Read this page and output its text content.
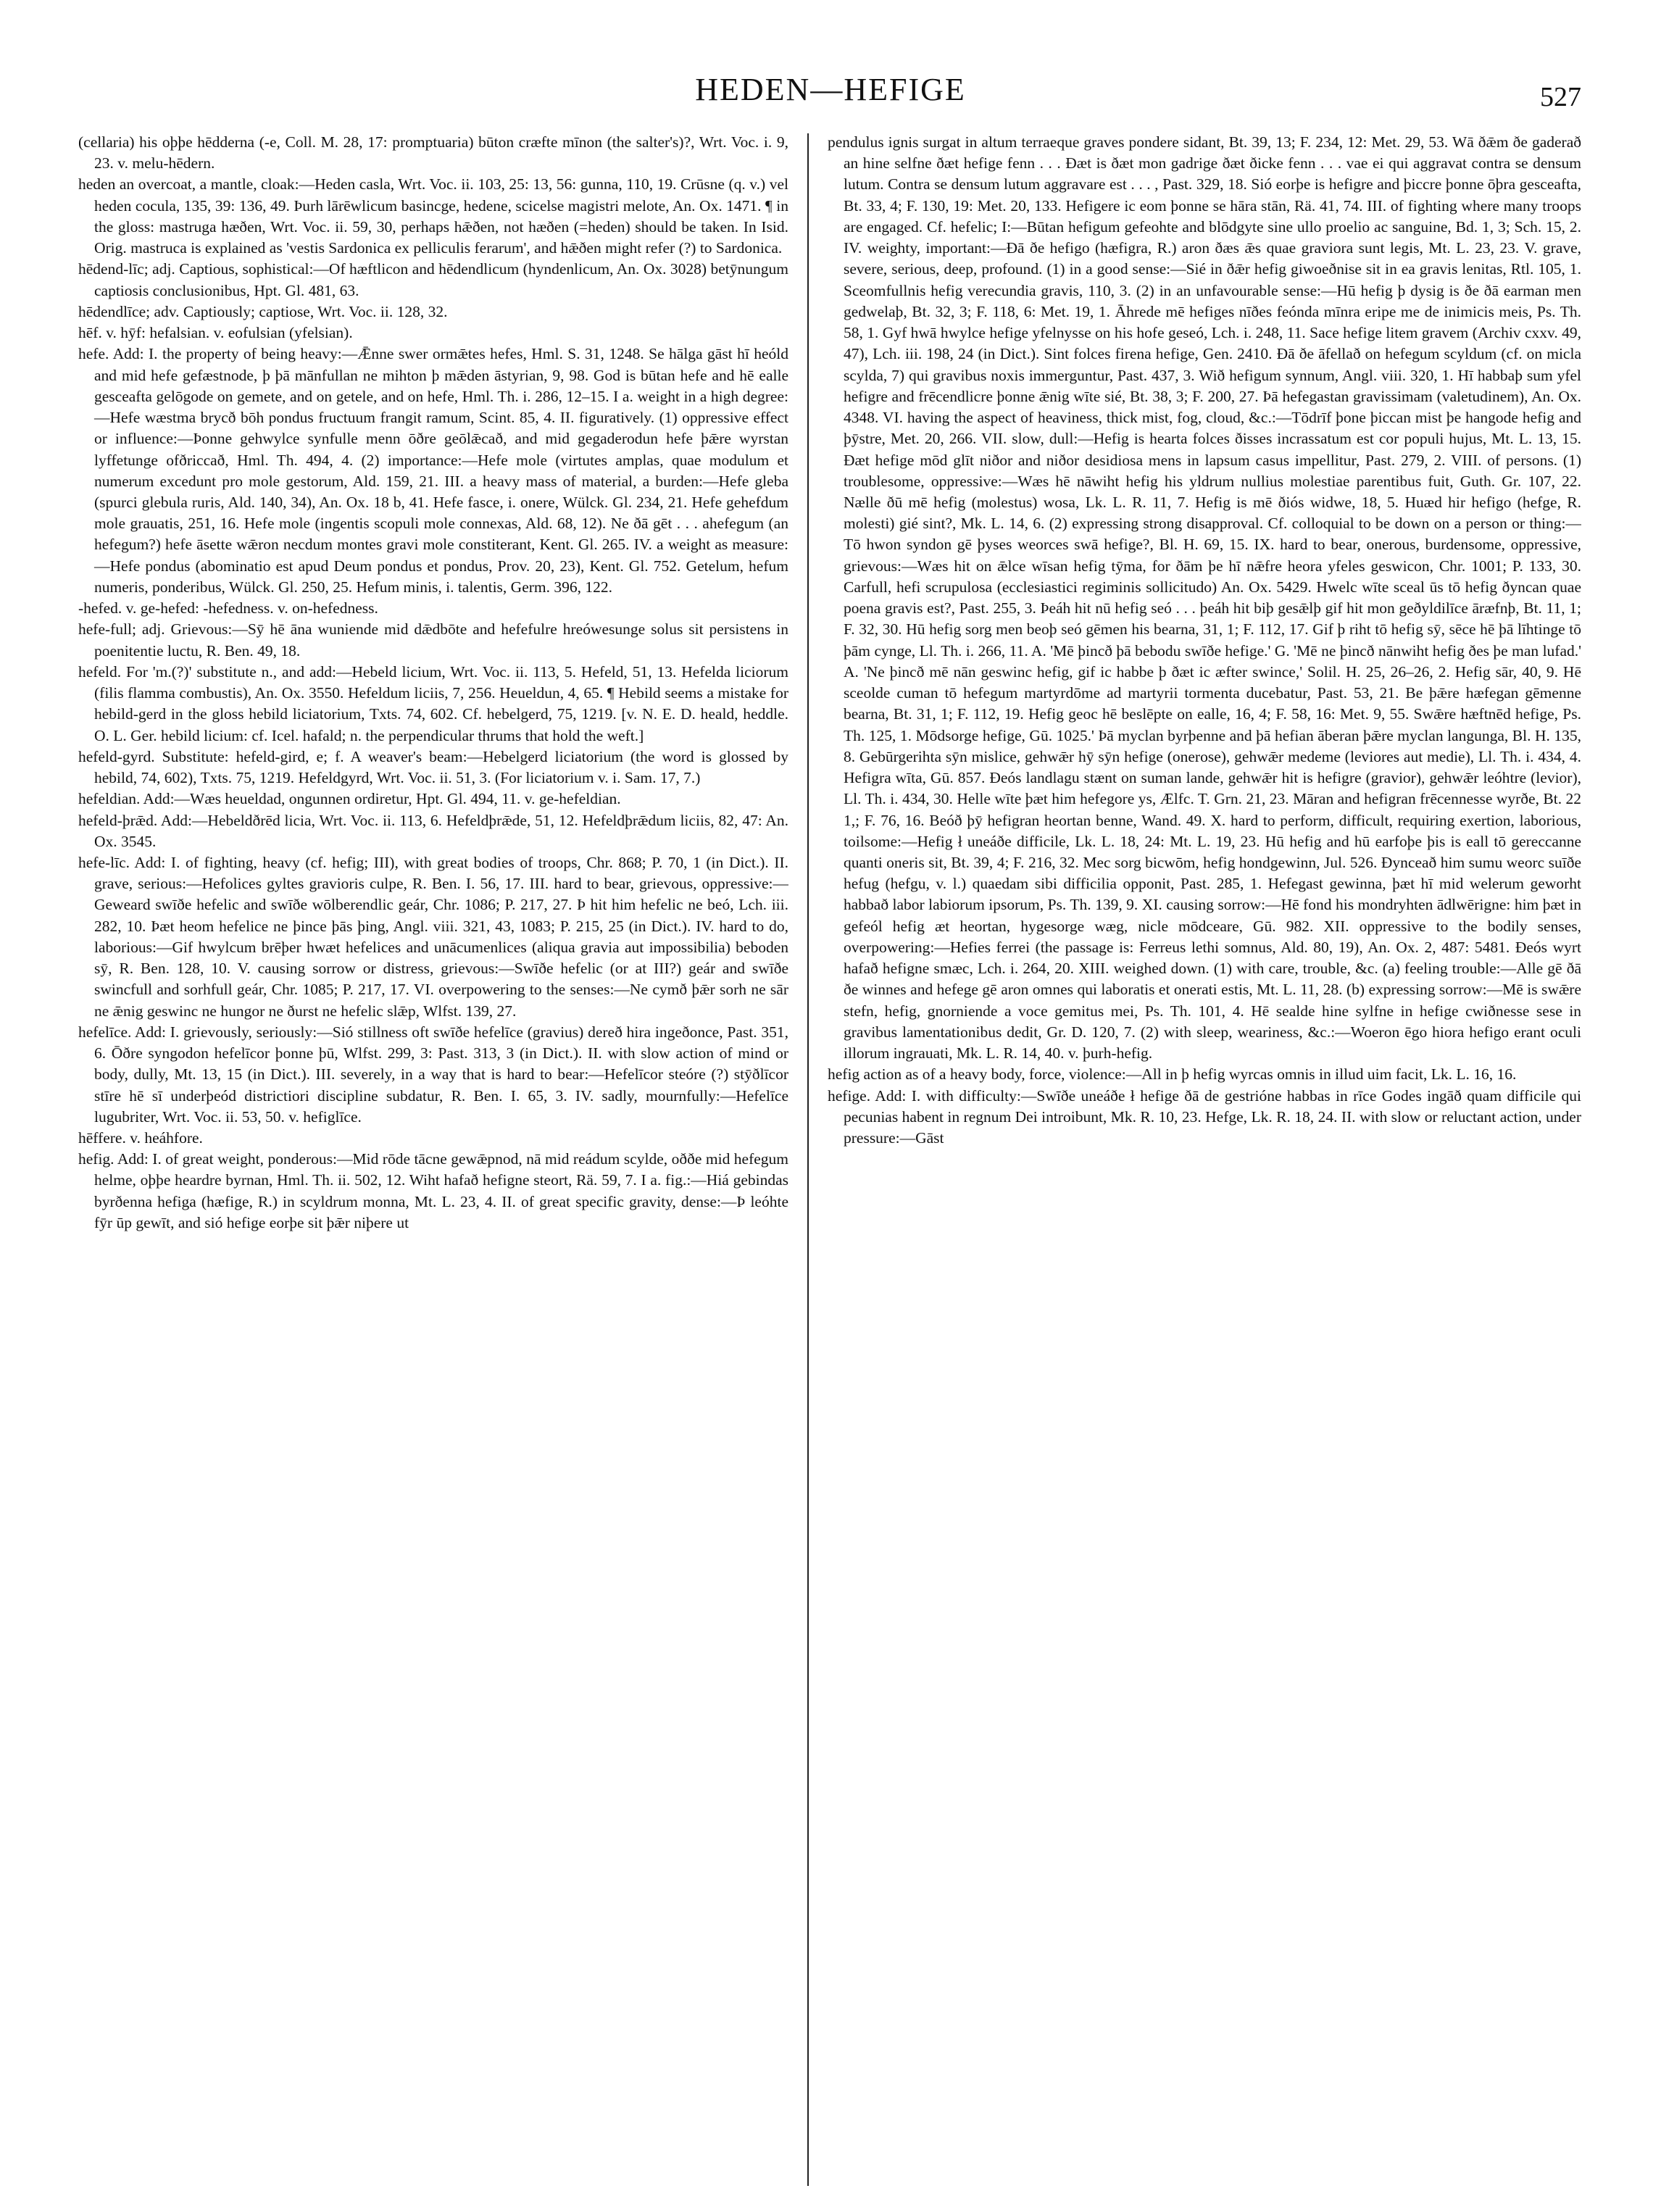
HEDEN—HEFIGE	527

(cellaria) his oþþe hēdderna (-e, Coll. M. 28, 17: promptuaria) būton cræfte mīnon (the salter's)?, Wrt. Voc. i. 9, 23. v. melu-hēdern.

heden an overcoat, a mantle, cloak:—Heden casla, Wrt. Voc. ii. 103, 25: 13, 56: gunna, 110, 19. Crūsne (q. v.) vel heden cocula, 135, 39: 136, 49. Þurh lārēwlicum basincge, hedene, scicelse magistri melote, An. Ox. 1471. ¶ in the gloss: mastruga hæðen, Wrt. Voc. ii. 59, 30, perhaps hǣðen, not hæðen (=heden) should be taken. In Isid. Orig. mastruca is explained as 'vestis Sardonica ex pelliculis ferarum', and hǣðen might refer (?) to Sardonica.

hēdend-līc; adj. Captious, sophistical:—Of hæftlicon and hēdendlicum (hyndenlicum, An. Ox. 3028) betȳnungum captiosis conclusionibus, Hpt. Gl. 481, 63.

hēdendlīce; adv. Captiously; captiose, Wrt. Voc. ii. 128, 32.

hēf. v. hȳf: hefalsian. v. eofulsian (yfelsian).

hefe. Add: I. the property of being heavy:—Ǣnne swer ormǣtes hefes, Hml. S. 31, 1248. Se hālga gāst hī heóld and mid hefe gefæstnode, þ þā mānfullan ne mihton þ mǣden āstyrian, 9, 98. God is būtan hefe and hē ealle gesceafta gelōgode on gemete, and on getele, and on hefe, Hml. Th. i. 286, 12–15. I a. weight in a high degree:—Hefe wæstma brycð bōh pondus fructuum frangit ramum, Scint. 85, 4. II. figuratively. (1) oppressive effect or influence:—Þonne gehwylce synfulle menn ōðre geōlǣcað, and mid gegaderodun hefe þǣre wyrstan lyffetunge ofðriccað, Hml. Th. 494, 4. (2) importance:—Hefe mole (virtutes amplas, quae modulum et numerum excedunt pro mole gestorum, Ald. 159, 21. III. a heavy mass of material, a burden:—Hefe gleba (spurci glebula ruris, Ald. 140, 34), An. Ox. 18 b, 41. Hefe fasce, i. onere, Wülck. Gl. 234, 21. Hefe gehefdum mole grauatis, 251, 16. Hefe mole (ingentis scopuli mole connexas, Ald. 68, 12). Ne ðā gēt . . . ahefegum (an hefegum?) hefe āsette wǣron necdum montes gravi mole constiterant, Kent. Gl. 265. IV. a weight as measure:—Hefe pondus (abominatio est apud Deum pondus et pondus, Prov. 20, 23), Kent. Gl. 752. Getelum, hefum numeris, ponderibus, Wülck. Gl. 250, 25. Hefum minis, i. talentis, Germ. 396, 122.

-hefed. v. ge-hefed: -hefedness. v. on-hefedness.

hefe-full; adj. Grievous:—Sȳ hē āna wuniende mid dǣdbōte and hefefulre hreówesunge solus sit persistens in poenitentie luctu, R. Ben. 49, 18.

hefeld. For 'm.(?)' substitute n., and add:—Hebeld licium, Wrt. Voc. ii. 113, 5. Hefeld, 51, 13. Hefelda liciorum (filis flamma combustis), An. Ox. 3550. Hefeldum liciis, 7, 256. Heueldun, 4, 65. ¶ Hebild seems a mistake for hebild-gerd in the gloss hebild liciatorium, Txts. 74, 602. Cf. hebelgerd, 75, 1219. [v. N. E. D. heald, heddle. O. L. Ger. hebild licium: cf. Icel. hafald; n. the perpendicular thrums that hold the weft.]

hefeld-gyrd. Substitute: hefeld-gird, e; f. A weaver's beam:—Hebelgerd liciatorium (the word is glossed by hebild, 74, 602), Txts. 75, 1219. Hefeldgyrd, Wrt. Voc. ii. 51, 3. (For liciatorium v. i. Sam. 17, 7.)

hefeldian. Add:—Wæs heueldad, ongunnen ordiretur, Hpt. Gl. 494, 11. v. ge-hefeldian.

hefeld-þrǣd. Add:—Hebeldðrēd licia, Wrt. Voc. ii. 113, 6. Hefeldþrǣde, 51, 12. Hefeldþrǣdum liciis, 82, 47: An. Ox. 3545.

hefe-līc. Add: I. of fighting, heavy (cf. hefig; III), with great bodies of troops, Chr. 868; P. 70, 1 (in Dict.). II. grave, serious:—Hefolices gyltes gravioris culpe, R. Ben. I. 56, 17. III. hard to bear, grievous, oppressive:—Geweard swīðe hefelic and swīðe wōlberendlic geár, Chr. 1086; P. 217, 27. Þ hit him hefelic ne beó, Lch. iii. 282, 10. Þæt heom hefelice ne þince þās þing, Angl. viii. 321, 43, 1083; P. 215, 25 (in Dict.). IV. hard to do, laborious:—Gif hwylcum brēþer hwæt hefelices and unācumenlices (aliqua gravia aut impossibilia) beboden sȳ, R. Ben. 128, 10. V. causing sorrow or distress, grievous:—Swīðe hefelic (or at III?) geár and swīðe swincfull and sorhfull geár, Chr. 1085; P. 217, 17. VI. overpowering to the senses:—Ne cymð þǣr sorh ne sār ne ǣnig geswinc ne hungor ne ðurst ne hefelic slǣp, Wlfst. 139, 27.

hefelīce. Add: I. grievously, seriously:—Sió stillness oft swīðe hefelīce (gravius) dereð hira ingeðonce, Past. 351, 6. Ōðre syngodon hefelīcor þonne þū, Wlfst. 299, 3: Past. 313, 3 (in Dict.). II. with slow action of mind or body, dully, Mt. 13, 15 (in Dict.). III. severely, in a way that is hard to bear:—Hefelīcor steóre (?) stȳðlīcor stīre hē sī underþeód districtiori discipline subdatur, R. Ben. I. 65, 3. IV. sadly, mournfully:—Hefelīce lugubriter, Wrt. Voc. ii. 53, 50. v. hefiglīce.

hēffere. v. heáhfore.

hefig. Add: I. of great weight, ponderous:—Mid rōde tācne gewǣpnod, nā mid reádum scylde, oððe mid hefegum helme, oþþe heardre byrnan, Hml. Th. ii. 502, 12. Wiht hafað hefigne steort, Rä. 59, 7. I a. fig.:—Hiá gebindas byrðenna hefiga (hæfige, R.) in scyldrum monna, Mt. L. 23, 4. II. of great specific gravity, dense:—Þ leóhte fȳr ūp gewīt, and sió hefige eorþe sit þǣr niþere ut

pendulus ignis surgat in altum terraeque graves pondere sidant, Bt. 39, 13; F. 234, 12: Met. 29, 53. Wā ðǣm ðe gaderað an hine selfne ðæt hefige fenn . . . Ðæt is ðæt mon gadrige ðæt ðicke fenn . . . vae ei qui aggravat contra se densum lutum. Contra se densum lutum aggravare est . . . , Past. 329, 18. Sió eorþe is hefigre and þiccre þonne ōþra gesceafta, Bt. 33, 4; F. 130, 19: Met. 20, 133. Hefigere ic eom þonne se hāra stān, Rä. 41, 74. III. of fighting where many troops are engaged. Cf. hefelic; I:—Būtan hefigum gefeohte and blōdgyte sine ullo proelio ac sanguine, Bd. 1, 3; Sch. 15, 2. IV. weighty, important:—Ðā ðe hefigo (hæfigra, R.) aron ðæs ǣs quae graviora sunt legis, Mt. L. 23, 23. V. grave, severe, serious, deep, profound. (1) in a good sense:—Sié in ðǣr hefig giwoeðnise sit in ea gravis lenitas, Rtl. 105, 1. Sceomfullnis hefig verecundia gravis, 110, 3. (2) in an unfavourable sense:—Hū hefig þ dysig is ðe ðā earman men gedwelaþ, Bt. 32, 3; F. 118, 6: Met. 19, 1. Āhrede mē hefiges nīðes feónda mīnra eripe me de inimicis meis, Ps. Th. 58, 1. Gyf hwā hwylce hefige yfelnysse on his hofe geseó, Lch. i. 248, 11. Sace hefige litem gravem (Archiv cxxv. 49, 47), Lch. iii. 198, 24 (in Dict.). Sint folces firena hefige, Gen. 2410. Ðā ðe āfellað on hefegum scyldum (cf. on micla scylda, 7) qui gravibus noxis immerguntur, Past. 437, 3. Wið hefigum synnum, Angl. viii. 320, 1. Hī habbaþ sum yfel hefigre and frēcendlicre þonne ǣnig wīte sié, Bt. 38, 3; F. 200, 27. Þā hefegastan gravissimam (valetudinem), An. Ox. 4348. VI. having the aspect of heaviness, thick mist, fog, cloud, &c.:—Tōdrīf þone þiccan mist þe hangode hefig and þȳstre, Met. 20, 266. VII. slow, dull:—Hefig is hearta folces ðisses incrassatum est cor populi hujus, Mt. L. 13, 15. Ðæt hefige mōd glīt niðor and niðor desidiosa mens in lapsum casus impellitur, Past. 279, 2. VIII. of persons. (1) troublesome, oppressive:—Wæs hē nāwiht hefig his yldrum nullius molestiae parentibus fuit, Guth. Gr. 107, 22. Nælle ðū mē hefig (molestus) wosa, Lk. L. R. 11, 7. Hefig is mē ðiós widwe, 18, 5. Huæd hir hefigo (hefge, R. molesti) gié sint?, Mk. L. 14, 6. (2) expressing strong disapproval. Cf. colloquial to be down on a person or thing:—Tō hwon syndon gē þyses weorces swā hefige?, Bl. H. 69, 15. IX. hard to bear, onerous, burdensome, oppressive, grievous:—Wæs hit on ǣlce wīsan hefig tȳma, for ðām þe hī nǣfre heora yfeles geswicon, Chr. 1001; P. 133, 30. Carfull, hefi scrupulosa (ecclesiastici regiminis sollicitudo) An. Ox. 5429. Hwelc wīte sceal ūs tō hefig ðyncan quae poena gravis est?, Past. 255, 3. Þeáh hit nū hefig seó . . . þeáh hit biþ gesǣlþ gif hit mon geðyldilīce āræfnþ, Bt. 11, 1; F. 32, 30. Hū hefig sorg men beoþ seó gēmen his bearna, 31, 1; F. 112, 17. Gif þ riht tō hefig sȳ, sēce hē þā līhtinge tō þām cynge, Ll. Th. i. 266, 11. A. 'Mē þincð þā bebodu swīðe hefige.' G. 'Mē ne þincð nānwiht hefig ðes þe man lufad.' A. 'Ne þincð mē nān geswinc hefig, gif ic habbe þ ðæt ic æfter swince,' Solil. H. 25, 26–26, 2. Hefig sār, 40, 9. Hē sceolde cuman tō hefegum martyrdōme ad martyrii tormenta ducebatur, Past. 53, 21. Be þǣre hæfegan gēmenne bearna, Bt. 31, 1; F. 112, 19. Hefig geoc hē beslēpte on ealle, 16, 4; F. 58, 16: Met. 9, 55. Swǣre hæftnēd hefige, Ps. Th. 125, 1. Mōdsorge hefige, Gū. 1025.' Þā myclan byrþenne and þā hefian āberan þǣre myclan langunga, Bl. H. 135, 8. Gebūrgerihta sȳn mislice, gehwǣr hȳ sȳn hefige (onerose), gehwǣr medeme (leviores aut medie), Ll. Th. i. 434, 4. Hefigra wīta, Gū. 857. Ðeós landlagu stænt on suman lande, gehwǣr hit is hefigre (gravior), gehwǣr leóhtre (levior), Ll. Th. i. 434, 30. Helle wīte þæt him hefegore ys, Ælfc. T. Grn. 21, 23. Māran and hefigran frēcennesse wyrðe, Bt. 22 1,; F. 76, 16. Beóð þȳ hefigran heortan benne, Wand. 49. X. hard to perform, difficult, requiring exertion, laborious, toilsome:—Hefig ł uneáðe difficile, Lk. L. 18, 24: Mt. L. 19, 23. Hū hefig and hū earfoþe þis is eall tō gereccanne quanti oneris sit, Bt. 39, 4; F. 216, 32. Mec sorg bicwōm, hefig hondgewinn, Jul. 526. Ðynceað him sumu weorc suīðe hefug (hefgu, v. l.) quaedam sibi difficilia opponit, Past. 285, 1. Hefegast gewinna, þæt hī mid welerum geworht habbað labor labiorum ipsorum, Ps. Th. 139, 9. XI. causing sorrow:—Hē fond his mondryhten ādlwērigne: him þæt in gefeól hefig æt heortan, hygesorge wæg, nicle mōdceare, Gū. 982. XII. oppressive to the bodily senses, overpowering:—Hefies ferrei (the passage is: Ferreus lethi somnus, Ald. 80, 19), An. Ox. 2, 487: 5481. Ðeós wyrt hafað hefigne smæc, Lch. i. 264, 20. XIII. weighed down. (1) with care, trouble, &c. (a) feeling trouble:—Alle gē ðā ðe winnes and hefege gē aron omnes qui laboratis et onerati estis, Mt. L. 11, 28. (b) expressing sorrow:—Mē is swǣre stefn, hefig, gnorniende a voce gemitus mei, Ps. Th. 101, 4. Hē sealde hine sylfne in hefige cwiðnesse sese in gravibus lamentationibus dedit, Gr. D. 120, 7. (2) with sleep, weariness, &c.:—Woeron ēgo hiora hefigo erant oculi illorum ingrauati, Mk. L. R. 14, 40. v. þurh-hefig.

hefig action as of a heavy body, force, violence:—All in þ hefig wyrcas omnis in illud uim facit, Lk. L. 16, 16.

hefige. Add: I. with difficulty:—Swīðe uneáðe ł hefige ðā de gestrióne habbas in rīce Godes ingāð quam difficile qui pecunias habent in regnum Dei introibunt, Mk. R. 10, 23. Hefge, Lk. R. 18, 24. II. with slow or reluctant action, under pressure:—Gāst
